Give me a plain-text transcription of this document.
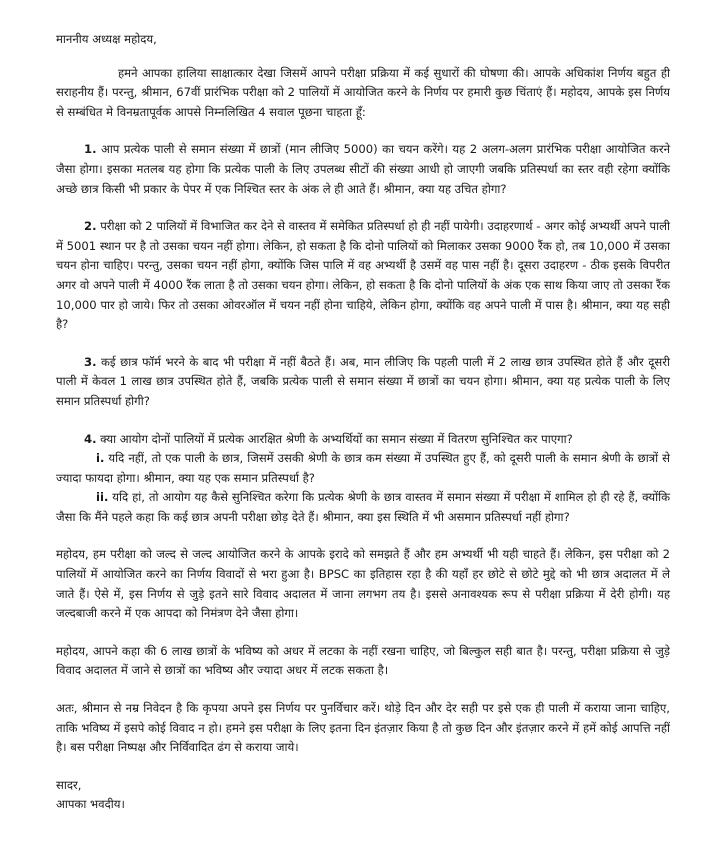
माननीय अध्यक्ष महोदय,

हमने आपका हालिया साक्षात्कार देखा जिसमें आपने परीक्षा प्रक्रिया में कई सुधारों की घोषणा की। आपके अधिकांश निर्णय बहुत ही सराहनीय हैं। परन्तु, श्रीमान, 67वीं प्रारंभिक परीक्षा को 2 पालियों में आयोजित करने के निर्णय पर हमारी कुछ चिंताएं हैं। महोदय, आपके इस निर्णय से सम्बंधित मे विनम्रतापूर्वक आपसे निम्नलिखित 4 सवाल पूछना चाहता हूँ:

1. आप प्रत्येक पाली से समान संख्या में छात्रों (मान लीजिए 5000) का चयन करेंगे। यह 2 अलग-अलग प्रारंभिक परीक्षा आयोजित करने जैसा होगा। इसका मतलब यह होगा कि प्रत्येक पाली के लिए उपलब्ध सीटों की संख्या आधी हो जाएगी जबकि प्रतिस्पर्धा का स्तर वही रहेगा क्योंकि अच्छे छात्र किसी भी प्रकार के पेपर में एक निश्चित स्तर के अंक ले ही आते हैं। श्रीमान, क्या यह उचित होगा?

2. परीक्षा को 2 पालियों में विभाजित कर देने से वास्तव में समेकित प्रतिस्पर्धा हो ही नहीं पायेगी। उदाहरणार्थ - अगर कोई अभ्यर्थी अपने पाली में 5001 स्थान पर है तो उसका चयन नहीं होगा। लेकिन, हो सकता है कि दोनो पालियों को मिलाकर उसका 9000 रैंक हो, तब 10,000 में उसका चयन होना चाहिए। परन्तु, उसका चयन नहीं होगा, क्योंकि जिस पालि में वह अभ्यर्थी है उसमें वह पास नहीं है। दूसरा उदाहरण - ठीक इसके विपरीत अगर वो अपने पाली में 4000 रैंक लाता है तो उसका चयन होगा। लेकिन, हो सकता है कि दोनो पालियों के अंक एक साथ किया जाए तो उसका रैंक 10,000 पार हो जाये। फिर तो उसका ओवरऑल में चयन नहीं होना चाहिये, लेकिन होगा, क्योंकि वह अपने पाली में पास है। श्रीमान, क्या यह सही है?

3. कई छात्र फॉर्म भरने के बाद भी परीक्षा में नहीं बैठते हैं। अब, मान लीजिए कि पहली पाली में 2 लाख छात्र उपस्थित होते हैं और दूसरी पाली में केवल 1 लाख छात्र उपस्थित होते हैं, जबकि प्रत्येक पाली से समान संख्या में छात्रों का चयन होगा। श्रीमान, क्या यह प्रत्येक पाली के लिए समान प्रतिस्पर्धा होगी?

4. क्या आयोग दोनों पालियों में प्रत्येक आरक्षित श्रेणी के अभ्यर्थियों का समान संख्या में वितरण सुनिश्चित कर पाएगा?

i. यदि नहीं, तो एक पाली के छात्र, जिसमें उसकी श्रेणी के छात्र कम संख्या में उपस्थित हुए हैं, को दूसरी पाली के समान श्रेणी के छात्रों से ज्यादा फायदा होगा। श्रीमान, क्या यह एक समान प्रतिस्पर्धा है?

ii. यदि हां, तो आयोग यह कैसे सुनिश्चित करेगा कि प्रत्येक श्रेणी के छात्र वास्तव में समान संख्या में परीक्षा में शामिल हो ही रहे हैं, क्योंकि जैसा कि मैंने पहले कहा कि कई छात्र अपनी परीक्षा छोड़ देते हैं। श्रीमान, क्या इस स्थिति में भी असमान प्रतिस्पर्धा नहीं होगा?

महोदय, हम परीक्षा को जल्द से जल्द आयोजित करने के आपके इरादे को समझते हैं और हम अभ्यर्थी भी यही चाहते हैं। लेकिन, इस परीक्षा को 2 पालियों में आयोजित करने का निर्णय विवादों से भरा हुआ है। BPSC का इतिहास रहा है की यहाँ हर छोटे से छोटे मुद्दे को भी छात्र अदालत में ले जाते हैं। ऐसे में, इस निर्णय से जुड़े इतने सारे विवाद अदालत में जाना लगभग तय है। इससे अनावश्यक रूप से परीक्षा प्रक्रिया में देरी होगी। यह जल्दबाजी करने में एक आपदा को निमंत्रण देने जैसा होगा।

महोदय, आपने कहा की 6 लाख छात्रों के भविष्य को अधर में लटका के नहीं रखना चाहिए, जो बिल्कुल सही बात है। परन्तु, परीक्षा प्रक्रिया से जुड़े विवाद अदालत में जाने से छात्रों का भविष्य और ज्यादा अधर में लटक सकता है।

अतः, श्रीमान से नम्र निवेदन है कि कृपया अपने इस निर्णय पर पुनर्विचार करें। थोड़े दिन और देर सही पर इसे एक ही पाली में कराया जाना चाहिए, ताकि भविष्य में इसपे कोई विवाद न हो। हमने इस परीक्षा के लिए इतना दिन इंतज़ार किया है तो कुछ दिन और इंतज़ार करने में हमें कोई आपत्ति नहीं है। बस परीक्षा निष्पक्ष और निर्विवादित ढंग से कराया जाये।

सादर,

आपका भवदीय।
